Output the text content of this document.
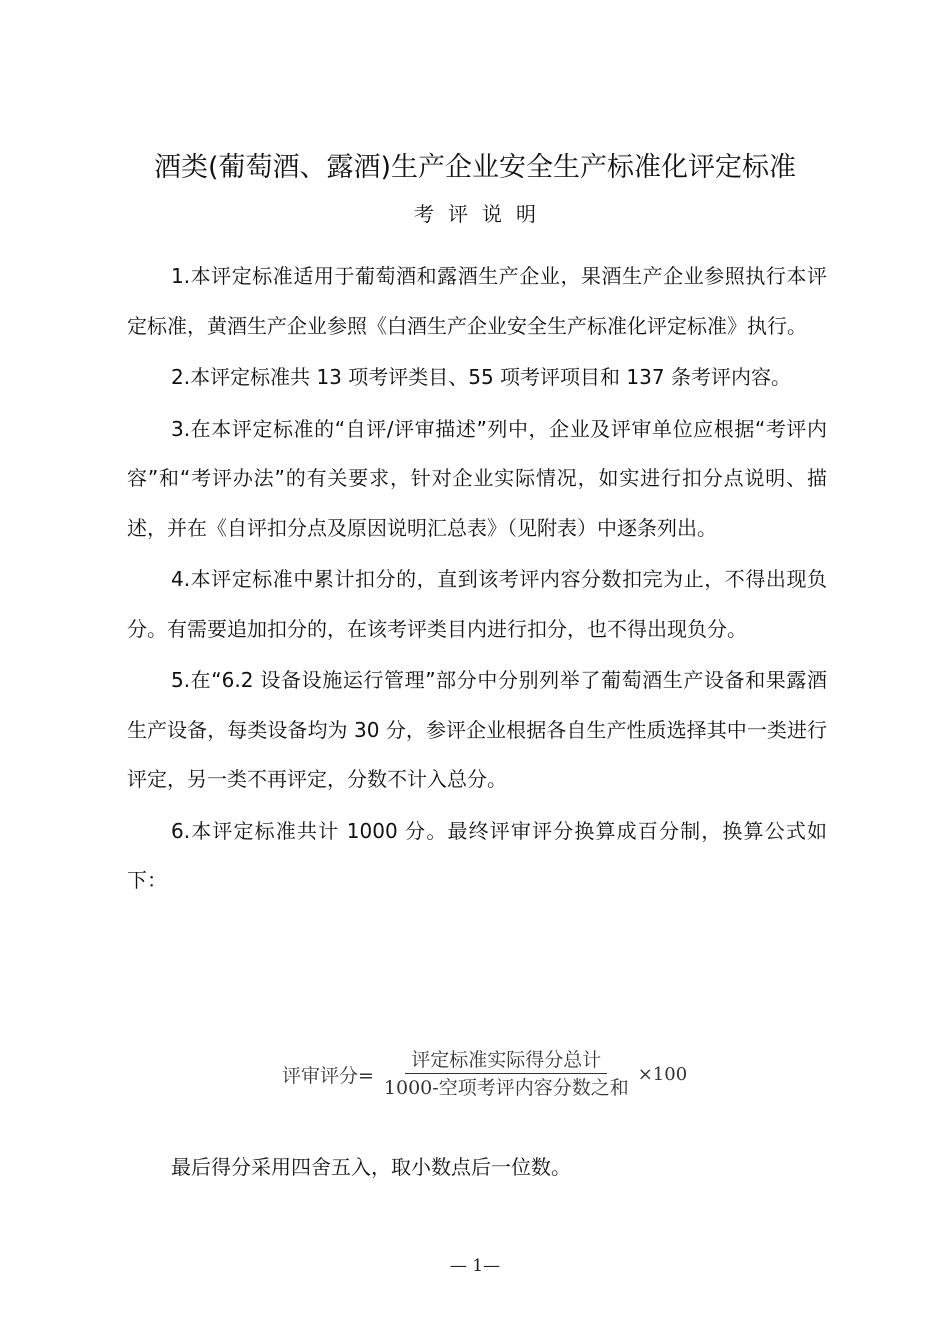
酒类(葡萄酒、露酒)生产企业安全生产标准化评定标准
考评说明

1.本评定标准适用于葡萄酒和露酒生产企业，果酒生产企业参照执行本评定标准，黄酒生产企业参照《白酒生产企业安全生产标准化评定标准》执行。

2.本评定标准共 13 项考评类目、55 项考评项目和 137 条考评内容。

3.在本评定标准的“自评/评审描述”列中，企业及评审单位应根据“考评内容”和“考评办法”的有关要求，针对企业实际情况，如实进行扣分点说明、描述，并在《自评扣分点及原因说明汇总表》（见附表）中逐条列出。

4.本评定标准中累计扣分的，直到该考评内容分数扣完为止，不得出现负分。有需要追加扣分的，在该考评类目内进行扣分，也不得出现负分。

5.在“6.2 设备设施运行管理”部分中分别列举了葡萄酒生产设备和果露酒生产设备，每类设备均为 30 分，参评企业根据各自生产性质选择其中一类进行评定，另一类不再评定，分数不计入总分。

6.本评定标准共计 1000 分。最终评审评分换算成百分制，换算公式如下：

评审评分= $\frac{\text{评定标准实际得分总计}}{\text{1000-空项考评内容分数之和}} \times 100$
最后得分采用四舍五入，取小数点后一位数。
— 1—
